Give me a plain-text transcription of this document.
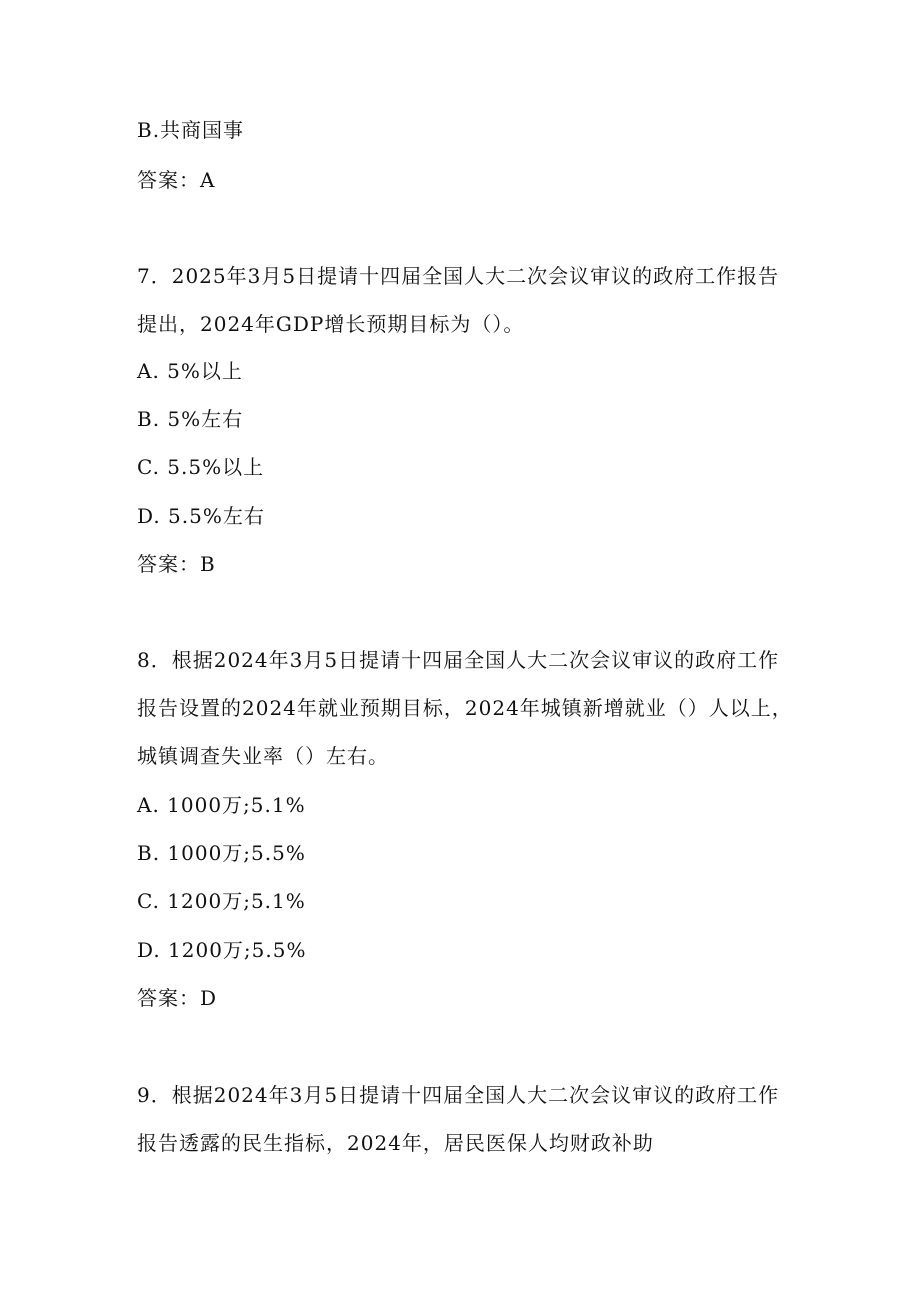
B.共商国事
答案：A
7．2025年3月5日提请十四届全国人大二次会议审议的政府工作报告
提出，2024年GDP增长预期目标为（）。
A. 5%以上
B. 5%左右
C. 5.5%以上
D. 5.5%左右
答案：B
8．根据2024年3月5日提请十四届全国人大二次会议审议的政府工作
报告设置的2024年就业预期目标，2024年城镇新增就业（）人以上，
城镇调查失业率（）左右。
A. 1000万;5.1%
B. 1000万;5.5%
C. 1200万;5.1%
D. 1200万;5.5%
答案：D
9．根据2024年3月5日提请十四届全国人大二次会议审议的政府工作
报告透露的民生指标，2024年，居民医保人均财政补助
